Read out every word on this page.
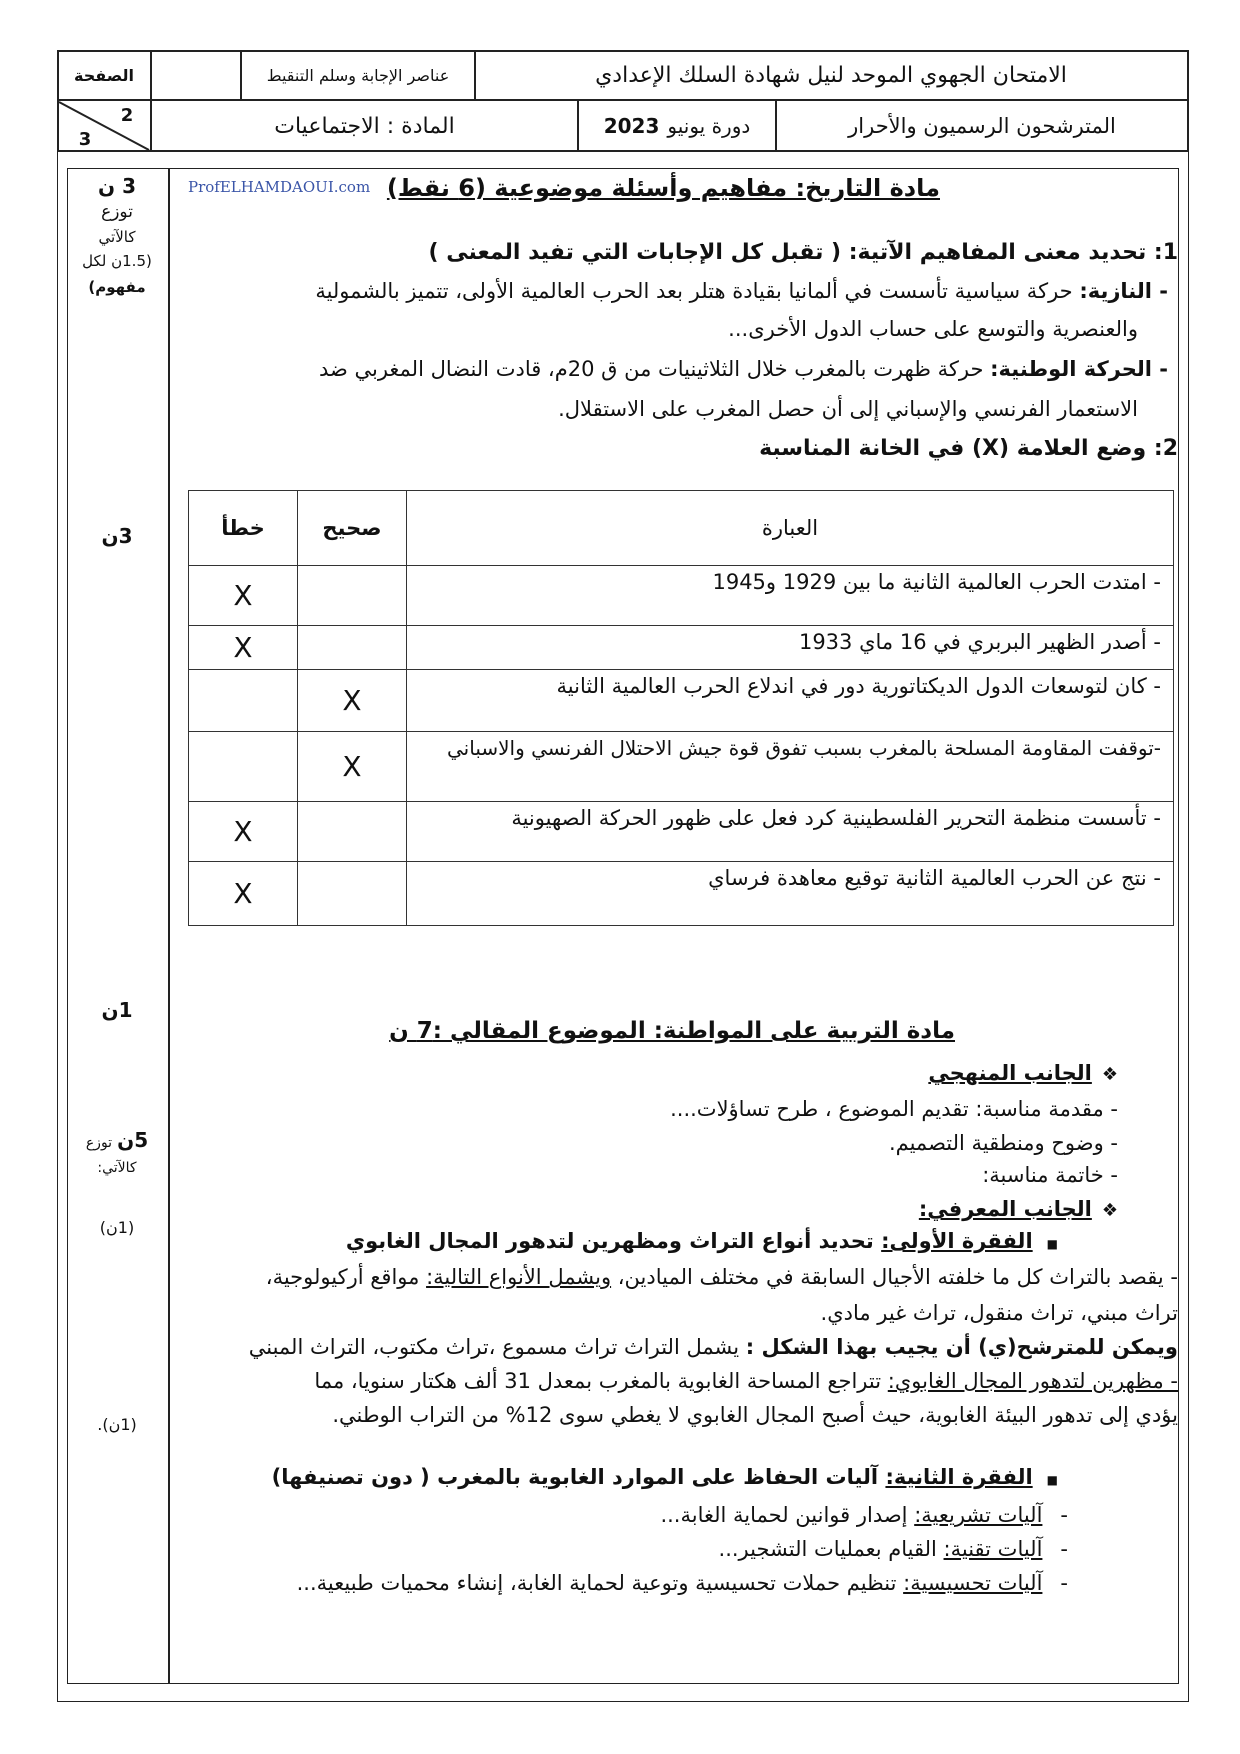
الصفحة
2
3
عناصر الإجابة وسلم التنقيط	الامتحان الجهوي الموحد لنيل شهادة السلك الإعدادي
المادة : الاجتماعيات	دورة يونيو
2023	المترشحون الرسميون والأحرار
3 ن
توزع
كالآتي
(1.5ن لكل
مفهوم)
3ن
1ن
5ن توزع
كالآتي:
(1ن)
(1ن).
ProfELHAMDAOUI.com مادة التاريخ: مفاهيم وأسئلة موضوعية (6 نقط)
1: تحديد معنى المفاهيم الآتية: ( تقبل كل الإجابات التي تفيد المعنى )
- النازية: حركة سياسية تأسست في ألمانيا بقيادة هتلر بعد الحرب العالمية الأولى، تتميز بالشمولية
والعنصرية والتوسع على حساب الدول الأخرى...
- الحركة الوطنية: حركة ظهرت بالمغرب خلال الثلاثينيات من ق 20م، قادت النضال المغربي ضد
الاستعمار الفرنسي والإسباني إلى أن حصل المغرب على الاستقلال.
2: وضع العلامة (X) في الخانة المناسبة
العبارة	صحيح	خطأ
- امتدت الحرب العالمية الثانية ما بين 1929 و1945		X
- أصدر الظهير البربري في 16 ماي 1933		X
- كان لتوسعات الدول الديكتاتورية دور في اندلاع الحرب العالمية الثانية	X	
-توقفت المقاومة المسلحة بالمغرب بسبب تفوق قوة جيش الاحتلال الفرنسي والاسباني	X	
- تأسست منظمة التحرير الفلسطينية كرد فعل على ظهور الحركة الصهيونية		X
- نتج عن الحرب العالمية الثانية توقيع معاهدة فرساي		X
مادة التربية على المواطنة: الموضوع المقالي :7 ن
❖الجانب المنهجي
- مقدمة مناسبة: تقديم الموضوع ، طرح تساؤلات....
- وضوح ومنطقية التصميم.
- خاتمة مناسبة:
❖الجانب المعرفي:
■الفقرة الأولى: تحديد أنواع التراث ومظهرين لتدهور المجال الغابوي
- يقصد بالتراث كل ما خلفته الأجيال السابقة في مختلف الميادين، ويشمل الأنواع التالية: مواقع أركيولوجية،
تراث مبني، تراث منقول، تراث غير مادي.
ويمكن للمترشح(ي) أن يجيب بهذا الشكل : يشمل التراث تراث مسموع ،تراث مكتوب، التراث المبني
- مظهرين لتدهور المجال الغابوي: تتراجع المساحة الغابوية بالمغرب بمعدل 31 ألف هكتار سنويا، مما
يؤدي إلى تدهور البيئة الغابوية، حيث أصبح المجال الغابوي لا يغطي سوى 12% من التراب الوطني.
■الفقرة الثانية: آليات الحفاظ على الموارد الغابوية بالمغرب ( دون تصنيفها)
-آليات تشريعية: إصدار قوانين لحماية الغابة...
-آليات تقنية: القيام بعمليات التشجير...
-آليات تحسيسية: تنظيم حملات تحسيسية وتوعية لحماية الغابة، إنشاء محميات طبيعية...
